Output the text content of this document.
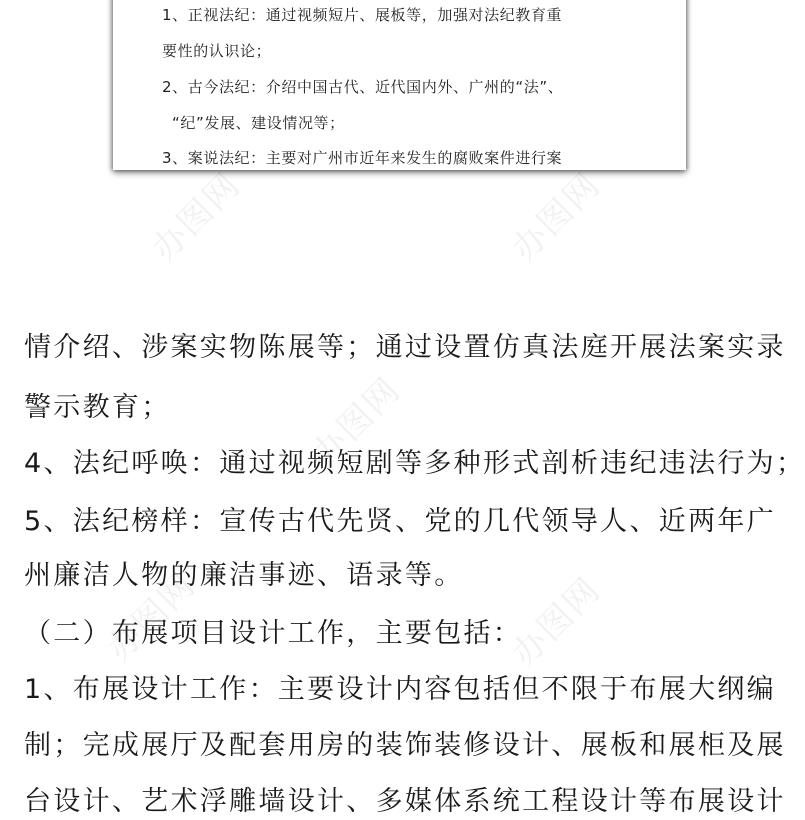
办图网	办图网
办图网
办图网	办图网
1、正视法纪：通过视频短片、展板等，加强对法纪教育重
要性的认识论；
2、古今法纪：介绍中国古代、近代国内外、广州的“法”、
“纪”发展、建设情况等；
3、案说法纪：主要对广州市近年来发生的腐败案件进行案
情介绍、涉案实物陈展等；通过设置仿真法庭开展法案实录
警示教育；
4、法纪呼唤：通过视频短剧等多种形式剖析违纪违法行为；
5、法纪榜样：宣传古代先贤、党的几代领导人、近两年广
州廉洁人物的廉洁事迹、语录等。
（二）布展项目设计工作，主要包括：
1、布展设计工作：主要设计内容包括但不限于布展大纲编
制；完成展厅及配套用房的装饰装修设计、展板和展柜及展
台设计、艺术浮雕墙设计、多媒体系统工程设计等布展设计
